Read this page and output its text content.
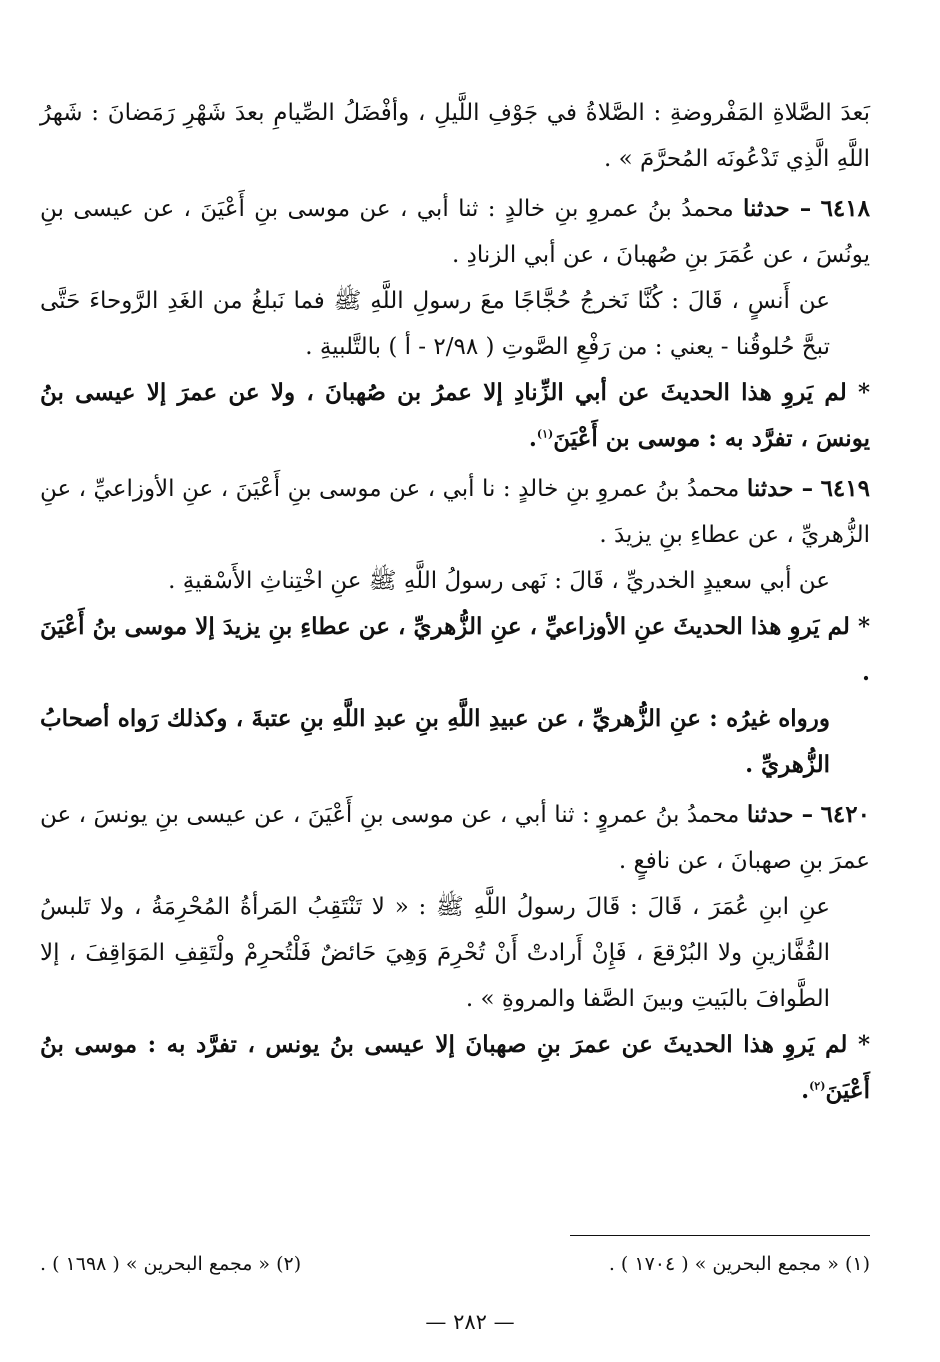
بَعدَ الصَّلاةِ المَفْروضةِ : الصَّلاةُ في جَوْفِ اللَّيلِ ، وأفْضَلُ الصِّيامِ بعدَ شَهْرِ رَمَضانَ : شَهرُ اللَّهِ الَّذِي تَدْعُونَه المُحرَّمَ » .

٦٤١٨ – حدثنا محمدُ بنُ عمروِ بنِ خالدٍ : ثنا أبي ، عن موسى بنِ أَعْيَنَ ، عن عيسى بنِ يونُسَ ، عن عُمَرَ بنِ صُهبانَ ، عن أبي الزنادِ .

عن أَنسٍ ، قَالَ : كُنَّا نَخرجُ حُجَّاجًا معَ رسولِ اللَّهِ ﷺ فما نَبلغُ من الغَدِ الرَّوحاءَ حَتَّى تبحَّ حُلوقُنا - يعني : من رَفْعِ الصَّوتِ ( ٢/٩٨ - أ ) بالتَّلبيةِ .

* لم يَروِ هذا الحديثَ عن أبي الزِّنادِ إلا عمرُ بن صُهبانَ ، ولا عن عمرَ إلا عيسى بنُ يونسَ ، تفرَّد به : موسى بن أَعْيَنَ$^{(١)}$.

٦٤١٩ – حدثنا محمدُ بنُ عمروِ بنِ خالدٍ : نا أبي ، عن موسى بنِ أَعْيَنَ ، عنِ الأوزاعيِّ ، عنِ الزُّهريِّ ، عن عطاءِ بنِ يزيدَ .

عن أبي سعيدٍ الخدريِّ ، قَالَ : نَهى رسولُ اللَّهِ ﷺ عنِ اخْتِناثِ الأَسْقيةِ .

* لم يَروِ هذا الحديثَ عنِ الأوزاعيِّ ، عنِ الزُّهريِّ ، عن عطاءِ بنِ يزيدَ إلا موسى بنُ أَعْيَنَ .

ورواه غيرُه : عنِ الزُّهريِّ ، عن عبيدِ اللَّهِ بنِ عبدِ اللَّهِ بنِ عتبةَ ، وكذلك رَواه أصحابُ الزُّهريِّ .

٦٤٢٠ – حدثنا محمدُ بنُ عمروٍ : ثنا أبي ، عن موسى بنِ أَعْيَنَ ، عن عيسى بنِ يونسَ ، عن عمرَ بنِ صهبانَ ، عن نافعٍ .

عنِ ابنِ عُمَرَ ، قَالَ : قَالَ رسولُ اللَّهِ ﷺ : « لا تَنْتَقِبُ المَرأةُ المُحْرِمَةُ ، ولا تَلبسُ القُفَّازينِ ولا البُرْقعَ ، فَإِنْ أَرادتْ أَنْ تُحْرِمَ وَهِيَ حَائضٌ فَلْتُحرِمْ ولْتَقِفِ المَوَاقِفَ ، إلا الطَّوافَ بالبَيتِ وبينَ الصَّفا والمروةِ » .

* لم يَروِ هذا الحديثَ عن عمرَ بنِ صهبانَ إلا عيسى بنُ يونس ، تفرَّد به : موسى بنُ أَعْيَنَ$^{(٢)}$.

(١) « مجمع البحرين » ( ١٧٠٤ ) .
(٢) « مجمع البحرين » ( ١٦٩٨ ) .
— ٢٨٢ —
